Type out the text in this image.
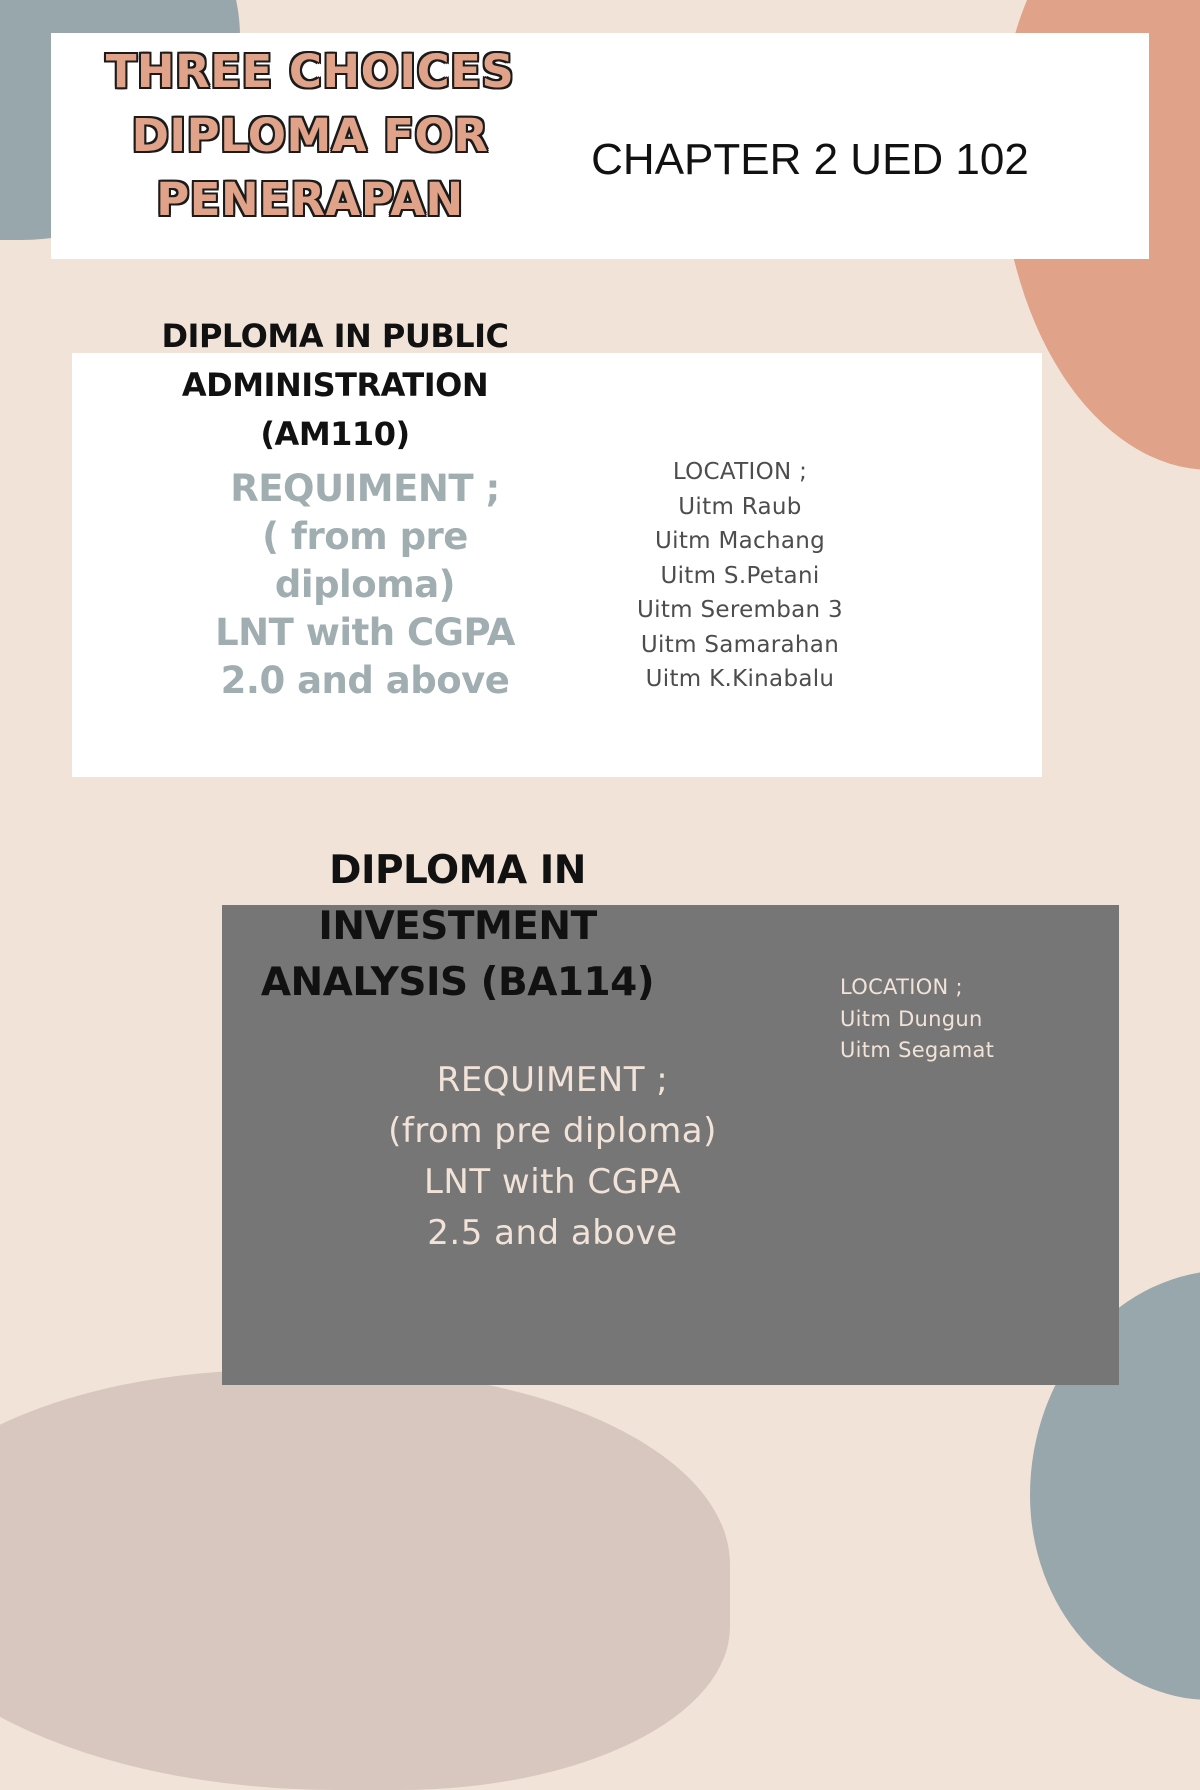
THREE CHOICES
DIPLOMA FOR
PENERAPAN
CHAPTER 2 UED 102
DIPLOMA IN PUBLIC
ADMINISTRATION
(AM110)
REQUIMENT ;
( from pre
diploma)
LNT with CGPA
2.0 and above
LOCATION ;
Uitm Raub
Uitm Machang
Uitm S.Petani
Uitm Seremban 3
Uitm Samarahan
Uitm K.Kinabalu
DIPLOMA IN
INVESTMENT
ANALYSIS (BA114)
REQUIMENT ;
(from pre diploma)
LNT with CGPA
2.5 and above
LOCATION ;
Uitm Dungun
Uitm Segamat
